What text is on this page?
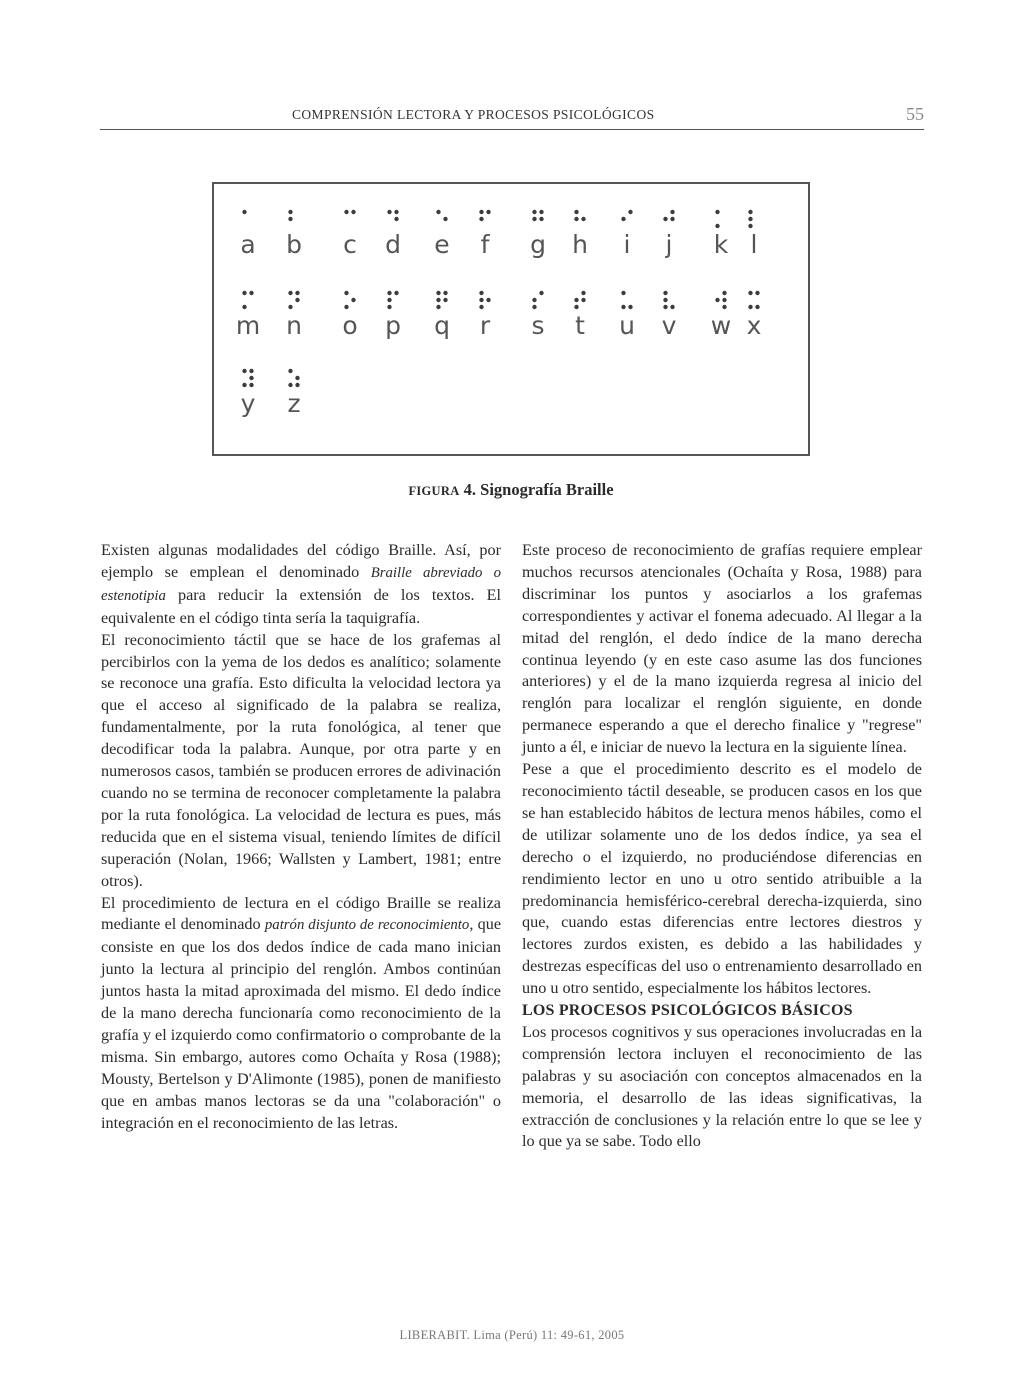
COMPRENSIÓN LECTORA Y PROCESOS PSICOLÓGICOS	55
a b c d e f g h i j k l
m n o p q r s t u v w x
y z
FIGURA 4. Signografía Braille

Existen algunas modalidades del código Braille. Así, por ejemplo se emplean el denominado Braille abreviado o estenotipia para reducir la extensión de los textos. El equivalente en el código tinta sería la taquigrafía.

El reconocimiento táctil que se hace de los grafemas al percibirlos con la yema de los dedos es analítico; solamente se reconoce una grafía. Esto dificulta la velocidad lectora ya que el acceso al significado de la palabra se realiza, fundamentalmente, por la ruta fonológica, al tener que decodificar toda la palabra. Aunque, por otra parte y en numerosos casos, también se producen errores de adivinación cuando no se termina de reconocer completamente la palabra por la ruta fonológica. La velocidad de lectura es pues, más reducida que en el sistema visual, teniendo límites de difícil superación (Nolan, 1966; Wallsten y Lambert, 1981; entre otros).

El procedimiento de lectura en el código Braille se realiza mediante el denominado patrón disjunto de reconocimiento, que consiste en que los dos dedos índice de cada mano inician junto la lectura al principio del renglón. Ambos continúan juntos hasta la mitad aproximada del mismo. El dedo índice de la mano derecha funcionaría como reconocimiento de la grafía y el izquierdo como confirmatorio o comprobante de la misma. Sin embargo, autores como Ochaíta y Rosa (1988); Mousty, Bertelson y D'Alimonte (1985), ponen de manifiesto que en ambas manos lectoras se da una "colaboración" o integración en el reconocimiento de las letras.

Este proceso de reconocimiento de grafías requiere emplear muchos recursos atencionales (Ochaíta y Rosa, 1988) para discriminar los puntos y asociarlos a los grafemas correspondientes y activar el fonema adecuado. Al llegar a la mitad del renglón, el dedo índice de la mano derecha continua leyendo (y en este caso asume las dos funciones anteriores) y el de la mano izquierda regresa al inicio del renglón para localizar el renglón siguiente, en donde permanece esperando a que el derecho finalice y "regrese" junto a él, e iniciar de nuevo la lectura en la siguiente línea.

Pese a que el procedimiento descrito es el modelo de reconocimiento táctil deseable, se producen casos en los que se han establecido hábitos de lectura menos hábiles, como el de utilizar solamente uno de los dedos índice, ya sea el derecho o el izquierdo, no produciéndose diferencias en rendimiento lector en uno u otro sentido atribuible a la predominancia hemisférico-cerebral derecha-izquierda, sino que, cuando estas diferencias entre lectores diestros y lectores zurdos existen, es debido a las habilidades y destrezas específicas del uso o entrenamiento desarrollado en uno u otro sentido, especialmente los hábitos lectores.

LOS PROCESOS PSICOLÓGICOS BÁSICOS

Los procesos cognitivos y sus operaciones involucradas en la comprensión lectora incluyen el reconocimiento de las palabras y su asociación con conceptos almacenados en la memoria, el desarrollo de las ideas significativas, la extracción de conclusiones y la relación entre lo que se lee y lo que ya se sabe. Todo ello

LIBERABIT. Lima (Perú) 11: 49-61, 2005
